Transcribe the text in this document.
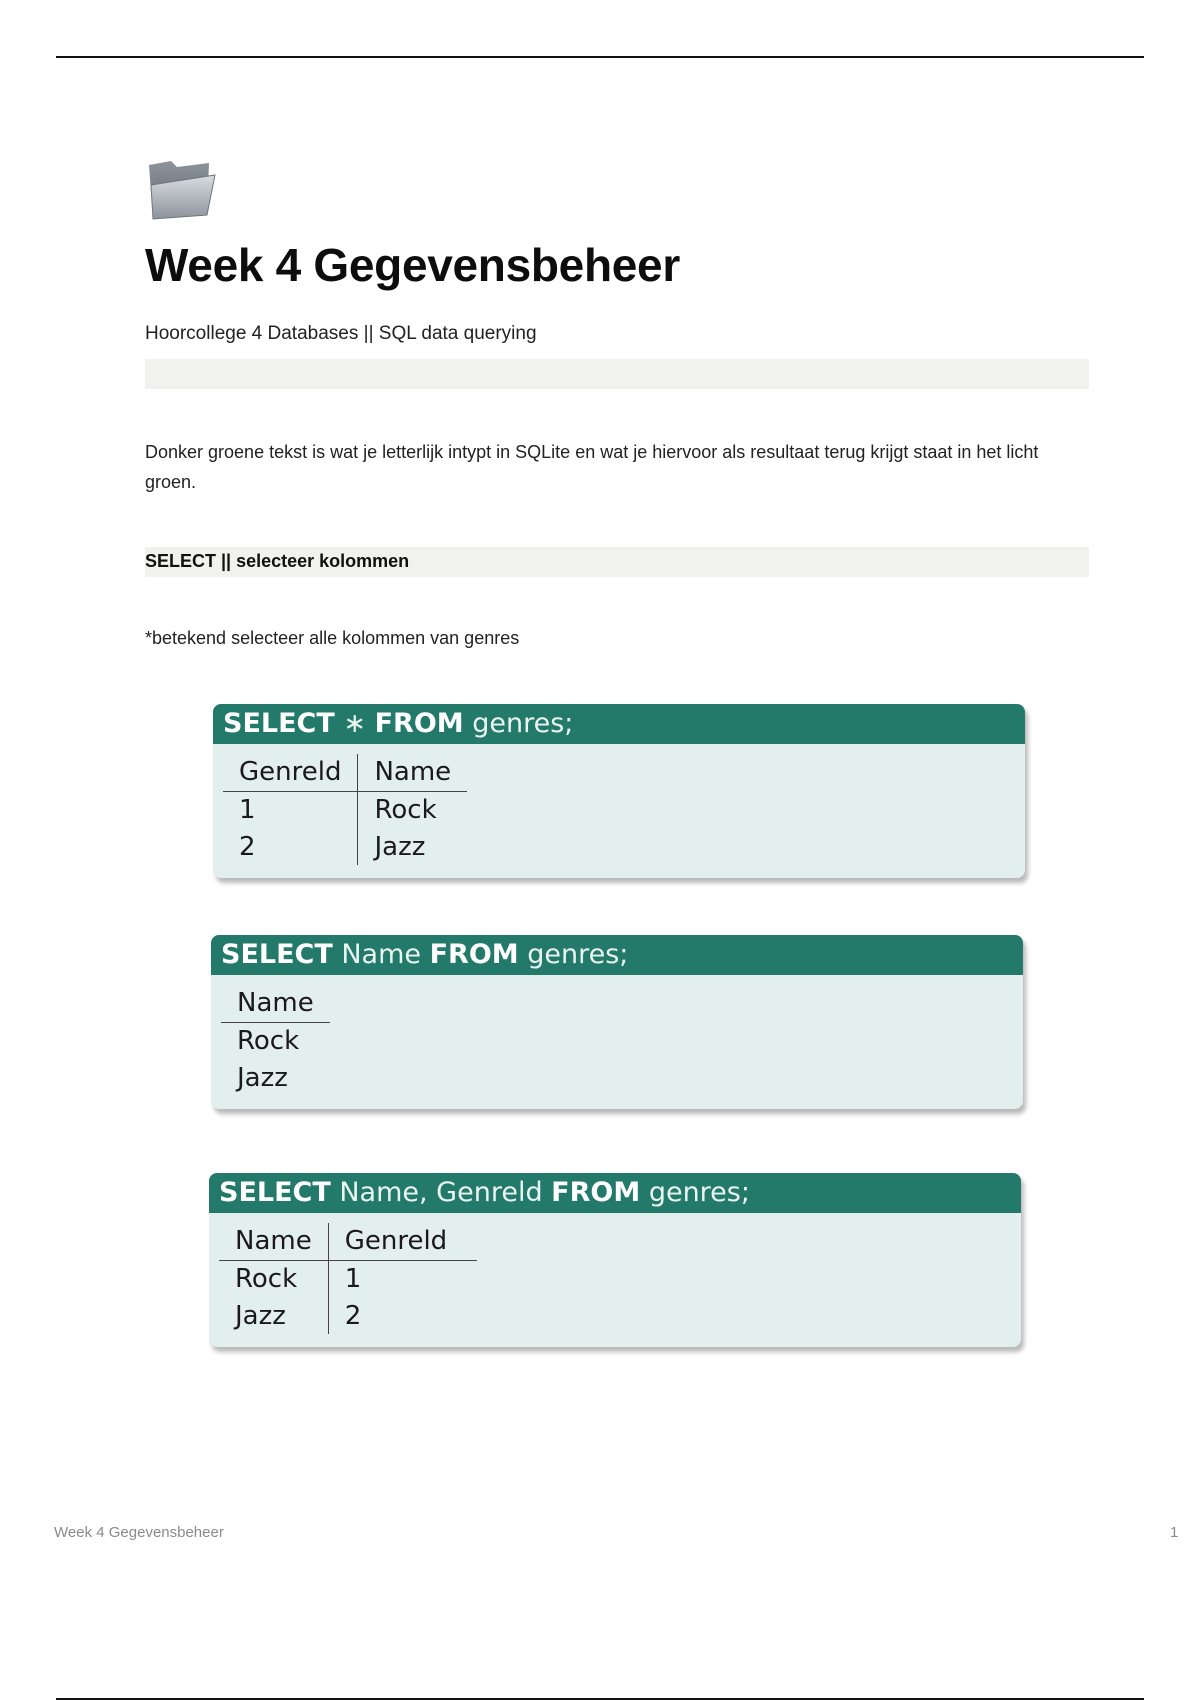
Week 4 Gegevensbeheer
Hoorcollege 4 Databases || SQL data querying
Donker groene tekst is wat je letterlijk intypt in SQLite en wat je hiervoor als resultaat terug krijgt staat in het licht groen.
SELECT || selecteer kolommen
*betekend selecteer alle kolommen van genres
SELECT ∗ FROM genres;
Genreld	Name
1	Rock
2	Jazz
SELECT Name FROM genres;
Name
Rock
Jazz
SELECT Name, Genreld FROM genres;
Name	Genreld
Rock	1
Jazz	2
Week 4 Gegevensbeheer	1
